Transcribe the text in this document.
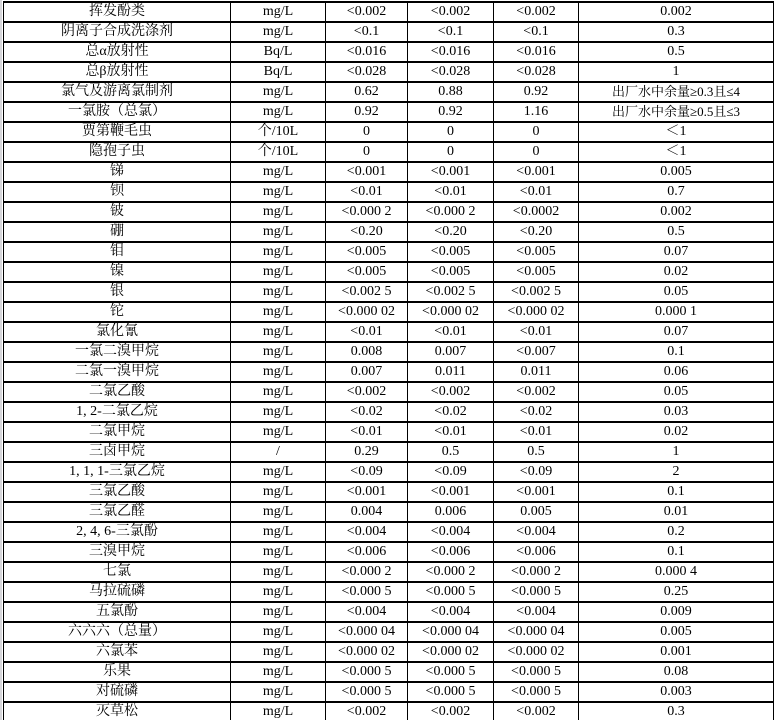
挥发酚类	mg/L	<0.002	<0.002	<0.002	0.002
阴离子合成洗涤剂	mg/L	<0.1	<0.1	<0.1	0.3
总α放射性	Bq/L	<0.016	<0.016	<0.016	0.5
总β放射性	Bq/L	<0.028	<0.028	<0.028	1
氯气及游离氯制剂	mg/L	0.62	0.88	0.92	出厂水中余量≥0.3且≤4
一氯胺（总氯）	mg/L	0.92	0.92	1.16	出厂水中余量≥0.5且≤3
贾第鞭毛虫	个/10L	0	0	0	＜1
隐孢子虫	个/10L	0	0	0	＜1
锑	mg/L	<0.001	<0.001	<0.001	0.005
钡	mg/L	<0.01	<0.01	<0.01	0.7
铍	mg/L	<0.000 2	<0.000 2	<0.0002	0.002
硼	mg/L	<0.20	<0.20	<0.20	0.5
钼	mg/L	<0.005	<0.005	<0.005	0.07
镍	mg/L	<0.005	<0.005	<0.005	0.02
银	mg/L	<0.002 5	<0.002 5	<0.002 5	0.05
铊	mg/L	<0.000 02	<0.000 02	<0.000 02	0.000 1
氯化氰	mg/L	<0.01	<0.01	<0.01	0.07
一氯二溴甲烷	mg/L	0.008	0.007	<0.007	0.1
二氯一溴甲烷	mg/L	0.007	0.011	0.011	0.06
二氯乙酸	mg/L	<0.002	<0.002	<0.002	0.05
1, 2-二氯乙烷	mg/L	<0.02	<0.02	<0.02	0.03
二氯甲烷	mg/L	<0.01	<0.01	<0.01	0.02
三卤甲烷	/	0.29	0.5	0.5	1
1, 1, 1-三氯乙烷	mg/L	<0.09	<0.09	<0.09	2
三氯乙酸	mg/L	<0.001	<0.001	<0.001	0.1
三氯乙醛	mg/L	0.004	0.006	0.005	0.01
2, 4, 6-三氯酚	mg/L	<0.004	<0.004	<0.004	0.2
三溴甲烷	mg/L	<0.006	<0.006	<0.006	0.1
七氯	mg/L	<0.000 2	<0.000 2	<0.000 2	0.000 4
马拉硫磷	mg/L	<0.000 5	<0.000 5	<0.000 5	0.25
五氯酚	mg/L	<0.004	<0.004	<0.004	0.009
六六六（总量）	mg/L	<0.000 04	<0.000 04	<0.000 04	0.005
六氯苯	mg/L	<0.000 02	<0.000 02	<0.000 02	0.001
乐果	mg/L	<0.000 5	<0.000 5	<0.000 5	0.08
对硫磷	mg/L	<0.000 5	<0.000 5	<0.000 5	0.003
灭草松	mg/L	<0.002	<0.002	<0.002	0.3
